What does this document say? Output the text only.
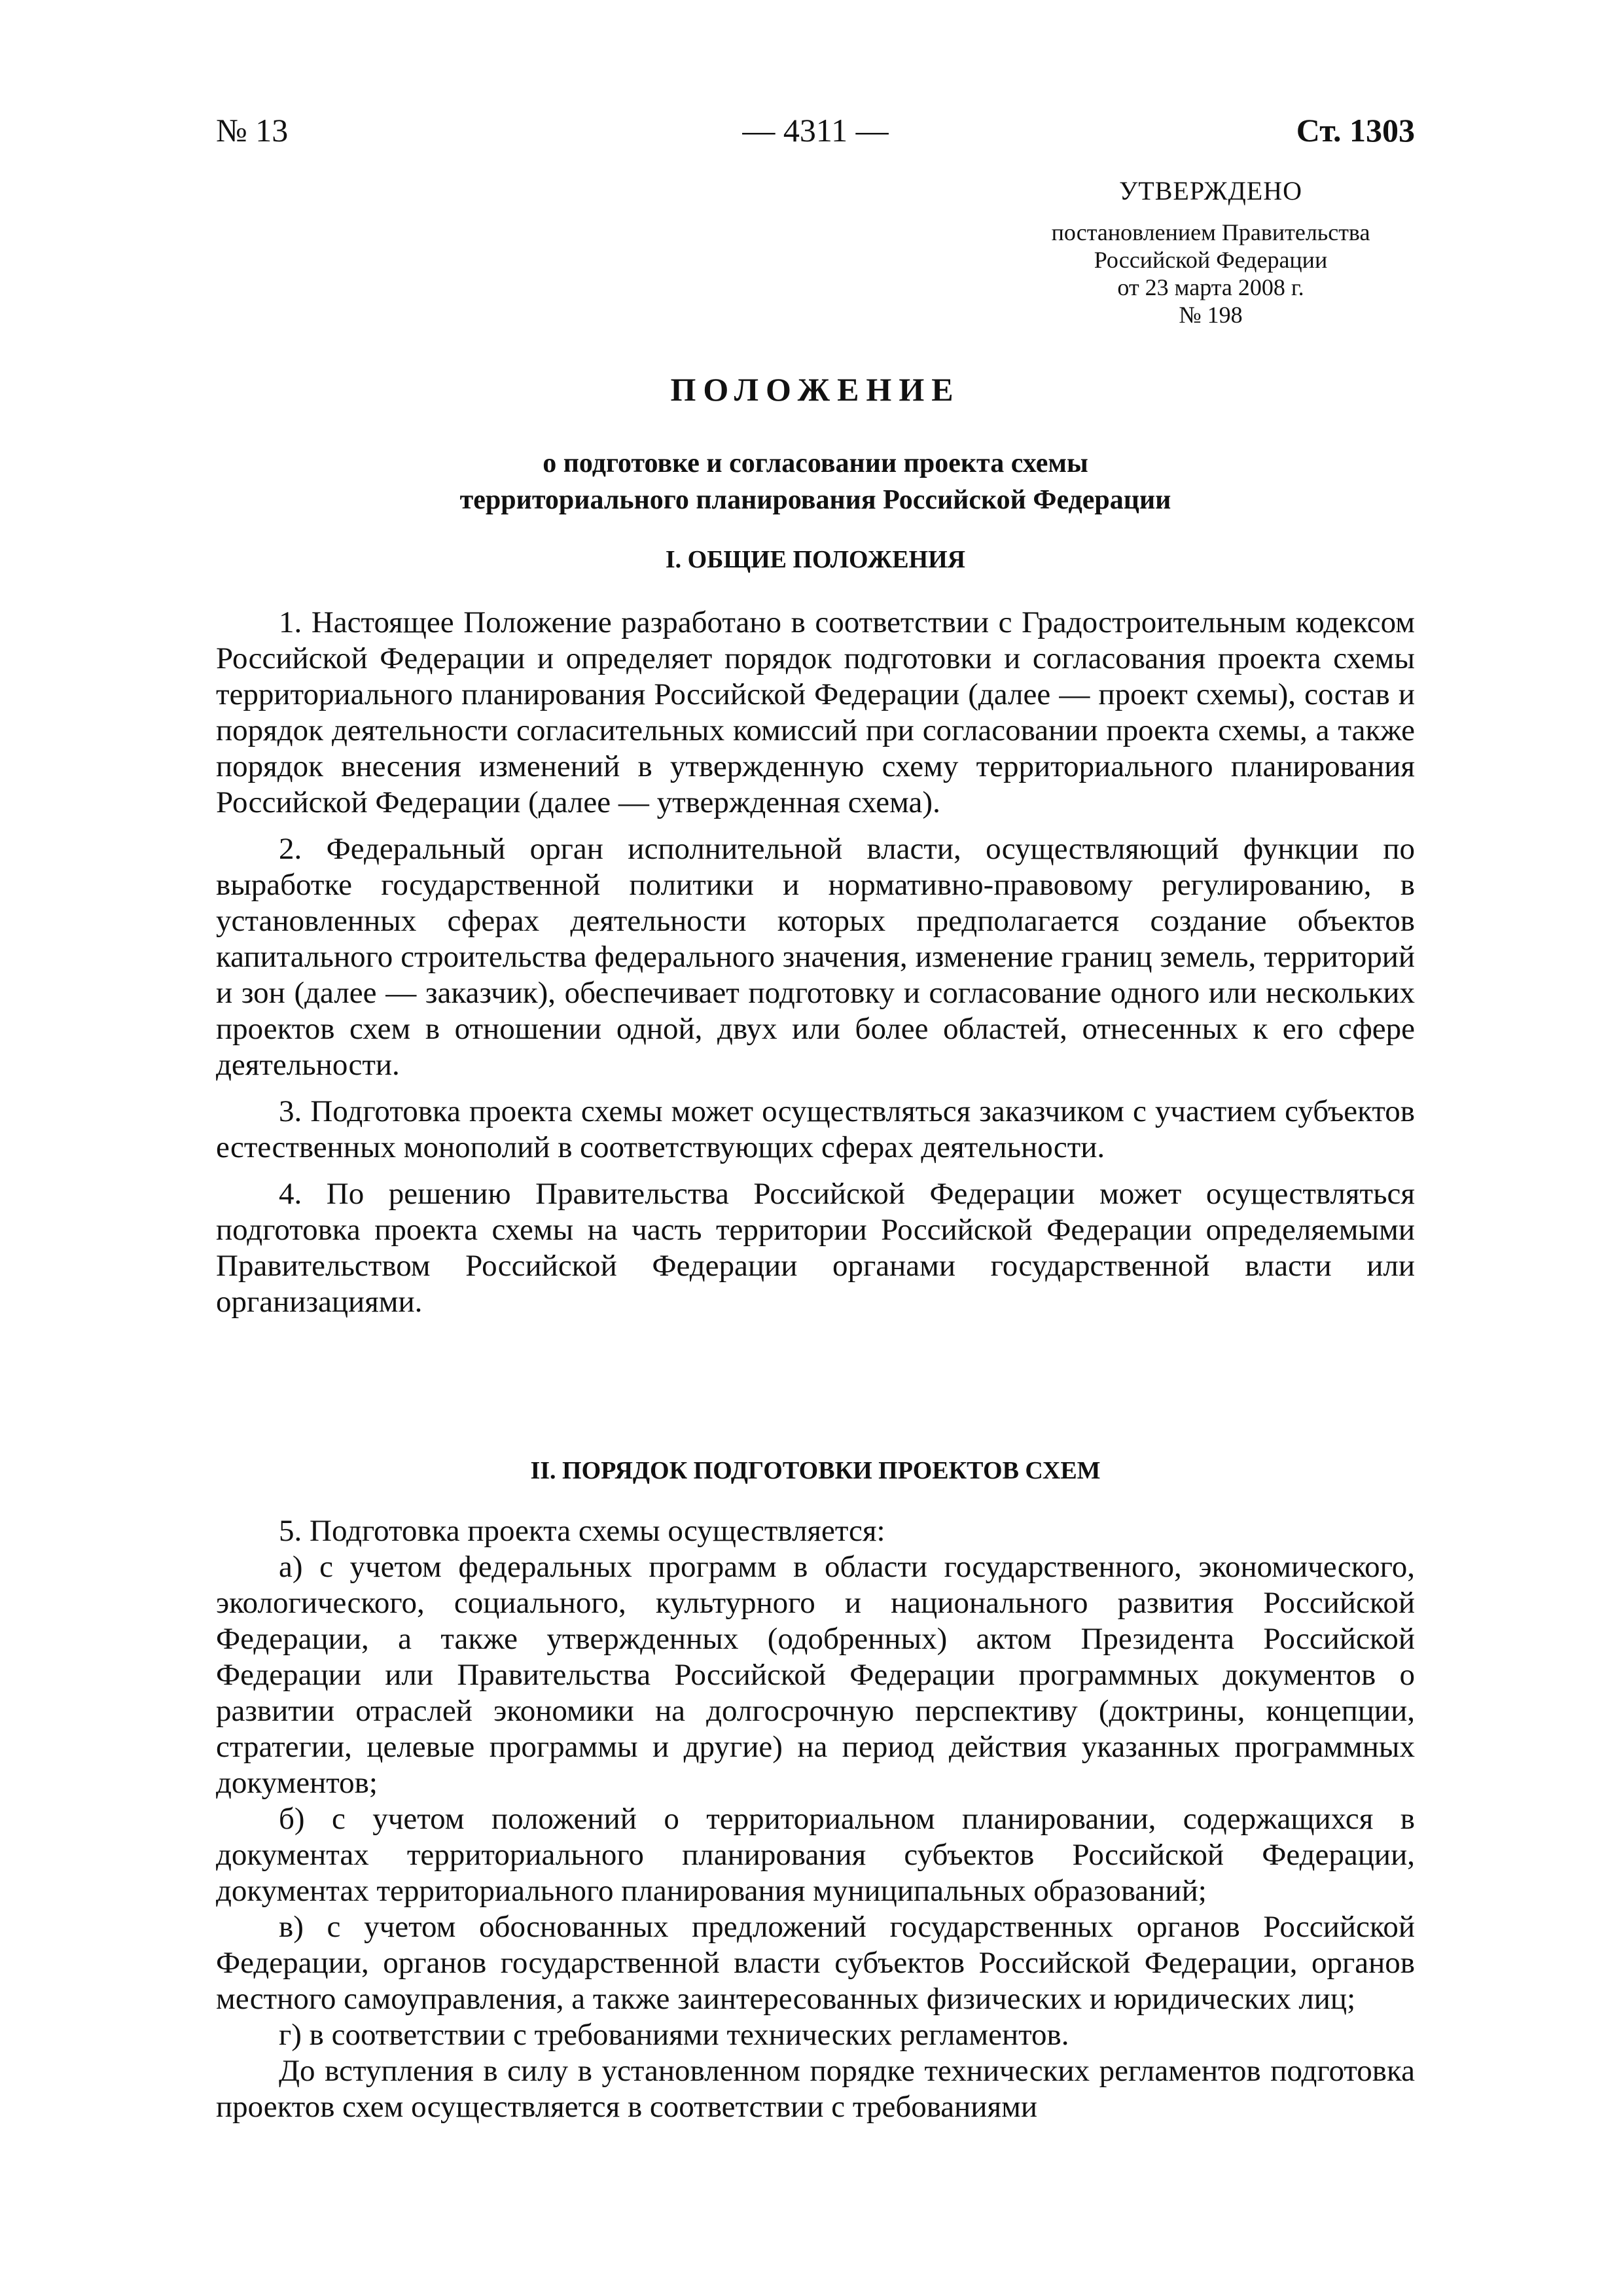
№ 13	— 4311 —	Ст. 1303
УТВЕРЖДЕНО
постановлением Правительства
Российской Федерации
от 23 марта 2008 г.
№ 198
ПОЛОЖЕНИЕ
о подготовке и согласовании проекта схемы
территориального планирования Российской Федерации
I. ОБЩИЕ ПОЛОЖЕНИЯ

1. Настоящее Положение разработано в соответствии с Градостроительным кодексом Российской Федерации и определяет порядок подготовки и согласования проекта схемы территориального планирования Российской Федерации (далее — проект схемы), состав и порядок деятельности согласительных комиссий при согласовании проекта схемы, а также порядок внесения изменений в утвержденную схему территориального планирования Российской Федерации (далее — утвержденная схема).

2. Федеральный орган исполнительной власти, осуществляющий функции по выработке государственной политики и нормативно-правовому регулированию, в установленных сферах деятельности которых предполагается создание объектов капитального строительства федерального значения, изменение границ земель, территорий и зон (далее — заказчик), обеспечивает подготовку и согласование одного или нескольких проектов схем в отношении одной, двух или более областей, отнесенных к его сфере деятельности.

3. Подготовка проекта схемы может осуществляться заказчиком с участием субъектов естественных монополий в соответствующих сферах деятельности.

4. По решению Правительства Российской Федерации может осуществляться подготовка проекта схемы на часть территории Российской Федерации определяемыми Правительством Российской Федерации органами государственной власти или организациями.

II. ПОРЯДОК ПОДГОТОВКИ ПРОЕКТОВ СХЕМ

5. Подготовка проекта схемы осуществляется:

а) с учетом федеральных программ в области государственного, экономического, экологического, социального, культурного и национального развития Российской Федерации, а также утвержденных (одобренных) актом Президента Российской Федерации или Правительства Российской Федерации программных документов о развитии отраслей экономики на долгосрочную перспективу (доктрины, концепции, стратегии, целевые программы и другие) на период действия указанных программных документов;

б) с учетом положений о территориальном планировании, содержащихся в документах территориального планирования субъектов Российской Федерации, документах территориального планирования муниципальных образований;

в) с учетом обоснованных предложений государственных органов Российской Федерации, органов государственной власти субъектов Российской Федерации, органов местного самоуправления, а также заинтересованных физических и юридических лиц;

г) в соответствии с требованиями технических регламентов.

До вступления в силу в установленном порядке технических регламентов подготовка проектов схем осуществляется в соответствии с требованиями
